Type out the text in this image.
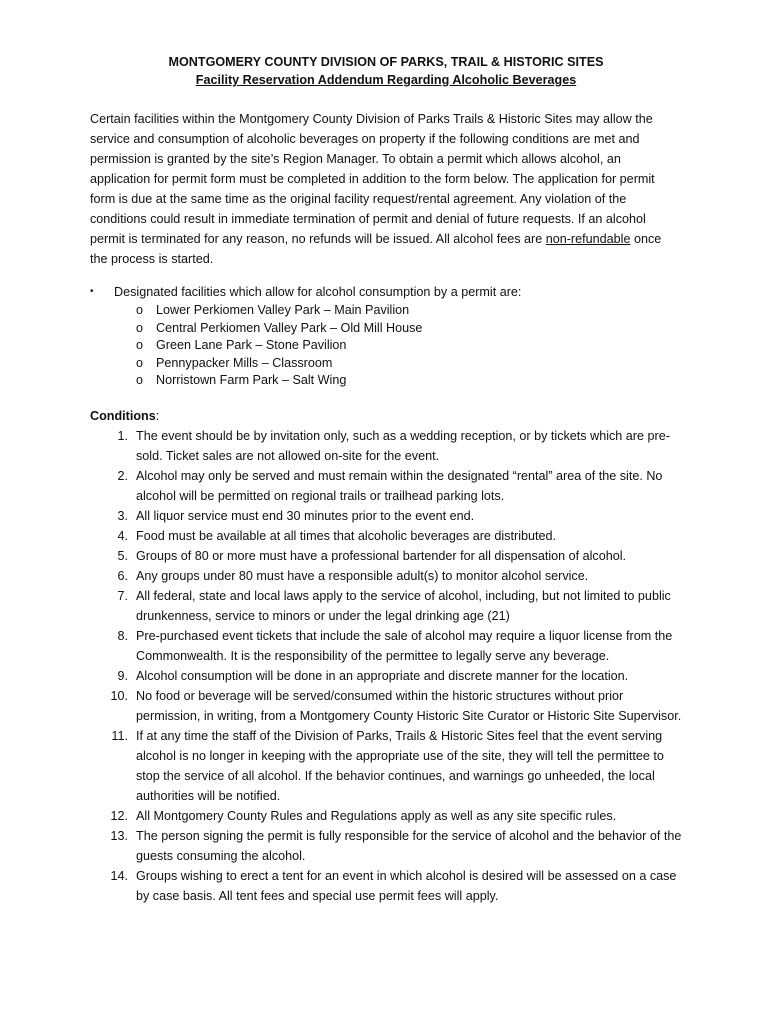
MONTGOMERY COUNTY DIVISION OF PARKS, TRAIL & HISTORIC SITES

Facility Reservation Addendum Regarding Alcoholic Beverages

Certain facilities within the Montgomery County Division of Parks Trails & Historic Sites may allow the service and consumption of alcoholic beverages on property if the following conditions are met and permission is granted by the site’s Region Manager. To obtain a permit which allows alcohol, an application for permit form must be completed in addition to the form below. The application for permit form is due at the same time as the original facility request/rental agreement. Any violation of the conditions could result in immediate termination of permit and denial of future requests. If an alcohol permit is terminated for any reason, no refunds will be issued. All alcohol fees are non-refundable once the process is started.

•	Designated facilities which allow for alcohol consumption by a permit are:
o	Lower Perkiomen Valley Park – Main Pavilion
o	Central Perkiomen Valley Park – Old Mill House
o	Green Lane Park – Stone Pavilion
o	Pennypacker Mills – Classroom
o	Norristown Farm Park – Salt Wing

Conditions:

1. The event should be by invitation only, such as a wedding reception, or by tickets which are pre-sold. Ticket sales are not allowed on-site for the event.
2. Alcohol may only be served and must remain within the designated “rental” area of the site. No alcohol will be permitted on regional trails or trailhead parking lots.
3. All liquor service must end 30 minutes prior to the event end.
4. Food must be available at all times that alcoholic beverages are distributed.
5. Groups of 80 or more must have a professional bartender for all dispensation of alcohol.
6. Any groups under 80 must have a responsible adult(s) to monitor alcohol service.
7. All federal, state and local laws apply to the service of alcohol, including, but not limited to public drunkenness, service to minors or under the legal drinking age (21)
8. Pre-purchased event tickets that include the sale of alcohol may require a liquor license from the Commonwealth. It is the responsibility of the permittee to legally serve any beverage.
9. Alcohol consumption will be done in an appropriate and discrete manner for the location.
10. No food or beverage will be served/consumed within the historic structures without prior permission, in writing, from a Montgomery County Historic Site Curator or Historic Site Supervisor.
11. If at any time the staff of the Division of Parks, Trails & Historic Sites feel that the event serving alcohol is no longer in keeping with the appropriate use of the site, they will tell the permittee to stop the service of all alcohol. If the behavior continues, and warnings go unheeded, the local authorities will be notified.
12. All Montgomery County Rules and Regulations apply as well as any site specific rules.
13. The person signing the permit is fully responsible for the service of alcohol and the behavior of the guests consuming the alcohol.
14. Groups wishing to erect a tent for an event in which alcohol is desired will be assessed on a case by case basis. All tent fees and special use permit fees will apply.
